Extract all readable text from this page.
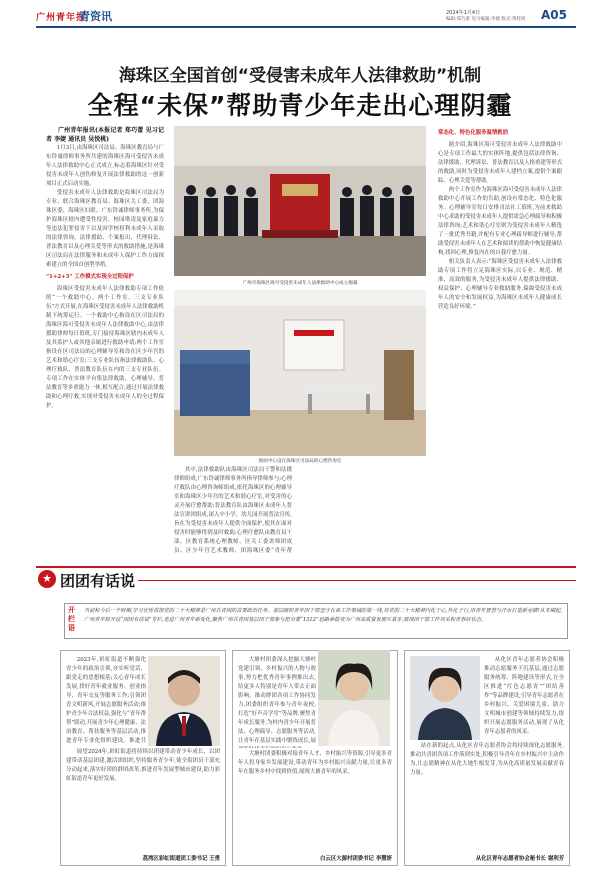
广州青年报
青资讯	2024年1月4日
编辑:郑巧蕾 见习编辑:李婕 版式:黄桂妍 A05
海珠区全国首创“受侵害未成年人法律救助”机制
全程“未保”帮助青少年走出心理阴霾

广州青年报讯(本报记者 郑巧蕾 见习记者 李婕 通讯员 吴悦桃)

1月3日,由海珠区司法局、海珠区教育局与广东铃诚律师事务所共建的海珠区海可受侵害未成年人法律救助中心正式成立,标志着海珠区针对受侵害未成年人创伤修复开展法律救助的这一创新项目正式启动实施。

受侵害未成年人法律救助是海珠区司法局为专业、联合海珠区教育局、海珠区关工委、团海珠区委、海珠区妇联、广东铃诚律师事务所,为保护海珠区辖内遭受性侵害、校园欺凌及家庭暴力等违法犯罪侵害下以及因学校权利未成年人采取的法律咨询、法律援助、个案报出、代理诉讼、普法教育以及心理关爱等形式的救助措施,是海珠区司法局在法律服务和未成年人保护工作方面探索建立的全国首创型举措。

“1+2+3” 工作模式实现全过程保护

海珠区受侵害未成年人法律救助专项工作依照“一个救助中心、两个工作室、三支专业队伍”方式开展,在海珠区受侵害未成年人法律救助机制下统筹运行。一个救助中心指设在区司法局的海珠区海可受侵害未成年人法律救助中心,由法律援助律师每日值班,专门接待海珠区辖内未成年人及其监护人或其他亲属进行救助申请;两个工作室指设在区司法局的心理辅导室和设在区少年宫的艺术和谐心疗室;三支专业队伍指法律救助队、心理疗救队、普法教育队伍在内的三支专业队伍。专项工作在实体平台集法律救助、心理辅导、普法教育等多重能力一体,相互配合,通过开展法律救助和心理疗救,实现对受侵害未成年人的全过程保护。

广州市海珠区海可受侵害未成年人法律救助中心成立揭幕
救助中心设在海珠区司法局的心理咨询室

其中,法律救助队由海珠区司法局干警和法援律师组成,广东铃诚律师事务所指导律师参与;心理疗救队由心理咨询师组成,依托海珠区的心理辅导室和海珠区少年宫的艺术和谐心疗室,对受害的心灵开展疗愈帮助;普法教育队由海珠区未成年人普法宣讲团组成,深入中小学、幼儿园开展普法宣传,旨在为受侵害未成年人提供全面保护,使其在面对侵害时能够得到及时救助;心理疗愈队由教育局干部、区教育系统心理教师、区关工委讲师团成员、区少年宫艺术教师、团海珠区委“青年帮

常态化、特色化服务温情救助

据介绍,海珠区海可受侵害未成年人法律救助中心是专项工作最大的实体阵地,提供包括法律咨询、法律援助、代理诉讼、普法教育以及人格重建等形式的救助,同时为受侵害未成年人建档立案,提供个案跟踪、心理关爱等帮助。

两个工作室作为海珠区海可受侵害未成年人法律救助中心开展工作的告助,创设有常态化、特色化服务。心理辅导室每日安排司法社工值班,为前来救助中心求助的受侵害未成年人提供需急心理疏导和积极法律咨询;艺术和谐心疗室则为受侵害未成年人精选了一批优秀书籍,并配有专业心理疏导师进行辅导,帮助受侵害未成年人在艺术和阅读的帮助中恢复健康结构,找回心理,修复内在的自我疗愈力量。

相关负责人表示:“海珠区受侵害未成年人法律救助专项工作将立足海珠区实际,以专业、规范、精准、高效的服务,为受侵害未成年人提供法律援助、权益保护、心理辅导专业救助服务,保障受侵害未成年人的安全和发展权益,为海珠区未成年人健康成长营造良好环境。”

★ 团团有话说
开栏语
当前和今后一个时期,学习宣传贯彻党的二十大精神是广州共青团的首要政治任务。基层组织青年团干部坚守在各工作领域的第一线,将党的二十大精神内化于心,外化于行,用青年智慧与汗水打造新业绩!从本期起,广州青年报开设“团团有话说”专栏,走进广州青年新变化,聚焦广州共青团基层团干部参与把市委“1312”思路举措变为广州高质量发展实景步,展现团干部工作风采和青春好状态。

2023年,彩虹街道不断强化青少年的政治引领,夯实听党话、跟党走的思想根基;关心青年成长发展,找好青年就业服务、创业指导、青年交友等服务工作;引领团青文明新风,开展志愿服务活动;维护青少年合法权益,强化与“青年帮帮”联动,开展青少年心理健康、法治教育、帮扶服务等基层活动,推进青年专业化组织建设。推进共

展望2024年,彩虹街道将持续以团建带动青少年成长、以团建带动基层团建,激活团组织,坚持服务青少年,使全街团员干部充分动起来,落实好团的群团改革,推进青年发展型城市建设,助力彩虹街道青年更好发展。

荔湾区彩虹街道团工委书记 王勇

大塘村团委深入挖掘大塘村党建引领、乡村振兴的人物与故事,努力把优秀青年事例推出去,给更多人特别是青年人带去正面影响。推动群团各项工作协同发力,团委组织青年参与青年夜校,打造“好声音学堂”等品牌,聚焦青年成长服务,为村内青少年开展普法、心理疏导、志愿服务等活动,让青年在基层实践中锻炼成长,展

大塘村团委积极对接青年人才、乡村振兴等资源,引导更多青年人投身家乡发展建设,带动青年为乡村振兴贡献力量,让更多青年在服务乡村中找到价值,展现大塘青年的风采。

白云区大源村团委书记 李慧妍

从化区青年志愿者协会积极推动志愿服务下沉基层,通过志愿服务统筹、阵地建设等形式,在全区推进“红色志愿青”“团结善作”等品牌建设,引导青年志愿者在乡村振兴、关爱困境儿童、助力文明城市创建等领域持续发力,组织开展志愿服务活动,展现了从化青年志愿者的风采。

站在新的起点,从化区青年志愿者协会将持续深化志愿服务,推动共青团各项工作落到实处,积极引导青年在乡村振兴中主动作为,让志愿精神在从化大地生根发芽,为从化高质量发展贡献青春力量。

从化区青年志愿者协会秘书长 谢利芳
